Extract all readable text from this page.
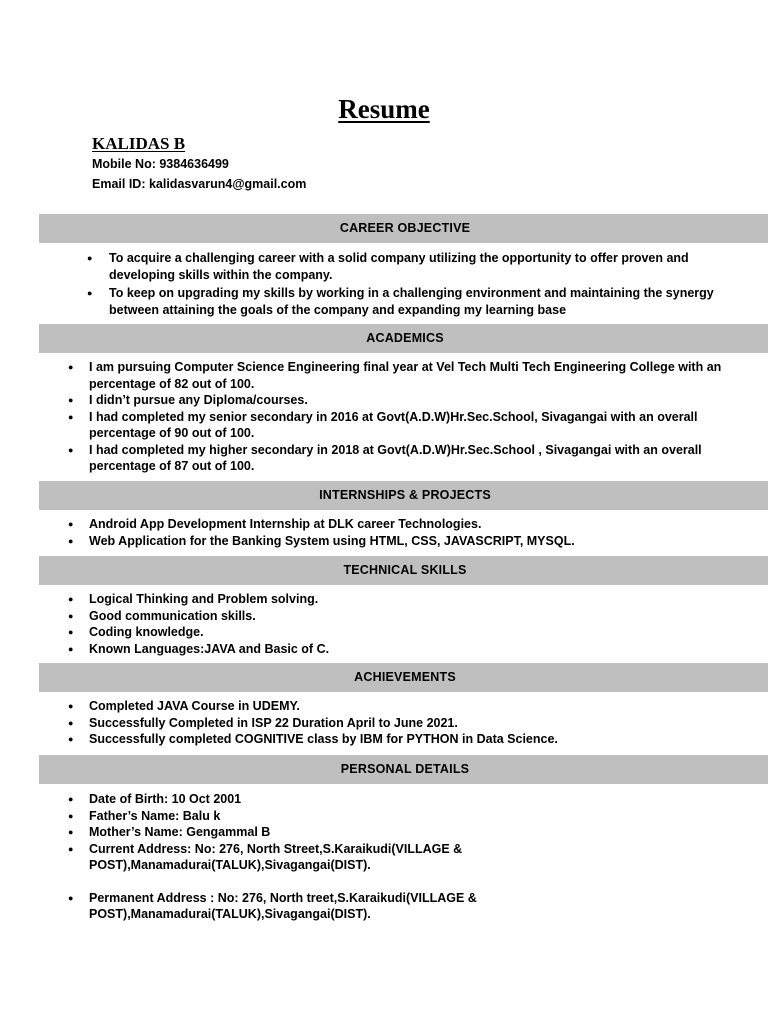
Resume
KALIDAS B
Mobile No: 9384636499
Email ID: kalidasvarun4@gmail.com
CAREER OBJECTIVE
● To acquire a challenging career with a solid company utilizing the opportunity to offer proven and developing skills within the company.
● To keep on upgrading my skills by working in a challenging environment and maintaining the synergy between attaining the goals of the company and expanding my learning base
ACADEMICS
● I am pursuing Computer Science Engineering final year at Vel Tech Multi Tech Engineering College with an percentage of 82 out of 100.
● I didn’t pursue any Diploma/courses.
● I had completed my senior secondary in 2016 at Govt(A.D.W)Hr.Sec.School, Sivagangai with an overall percentage of 90 out of 100.
● I had completed my higher secondary in 2018 at Govt(A.D.W)Hr.Sec.School , Sivagangai with an overall percentage of 87 out of 100.
INTERNSHIPS & PROJECTS
● Android App Development Internship at DLK career Technologies.
● Web Application for the Banking System using HTML, CSS, JAVASCRIPT, MYSQL.
TECHNICAL SKILLS
● Logical Thinking and Problem solving.
● Good communication skills.
● Coding knowledge.
● Known Languages:JAVA and Basic of C.
ACHIEVEMENTS
● Completed JAVA Course in UDEMY.
● Successfully Completed in ISP 22 Duration April to June 2021.
● Successfully completed COGNITIVE class by IBM for PYTHON in Data Science.
PERSONAL DETAILS
● Date of Birth: 10 Oct 2001
● Father’s Name: Balu k
● Mother’s Name: Gengammal B
● Current Address: No: 276, North Street,S.Karaikudi(VILLAGE & POST),Manamadurai(TALUK),Sivagangai(DIST).
● Permanent Address : No: 276, North treet,S.Karaikudi(VILLAGE & POST),Manamadurai(TALUK),Sivagangai(DIST).
